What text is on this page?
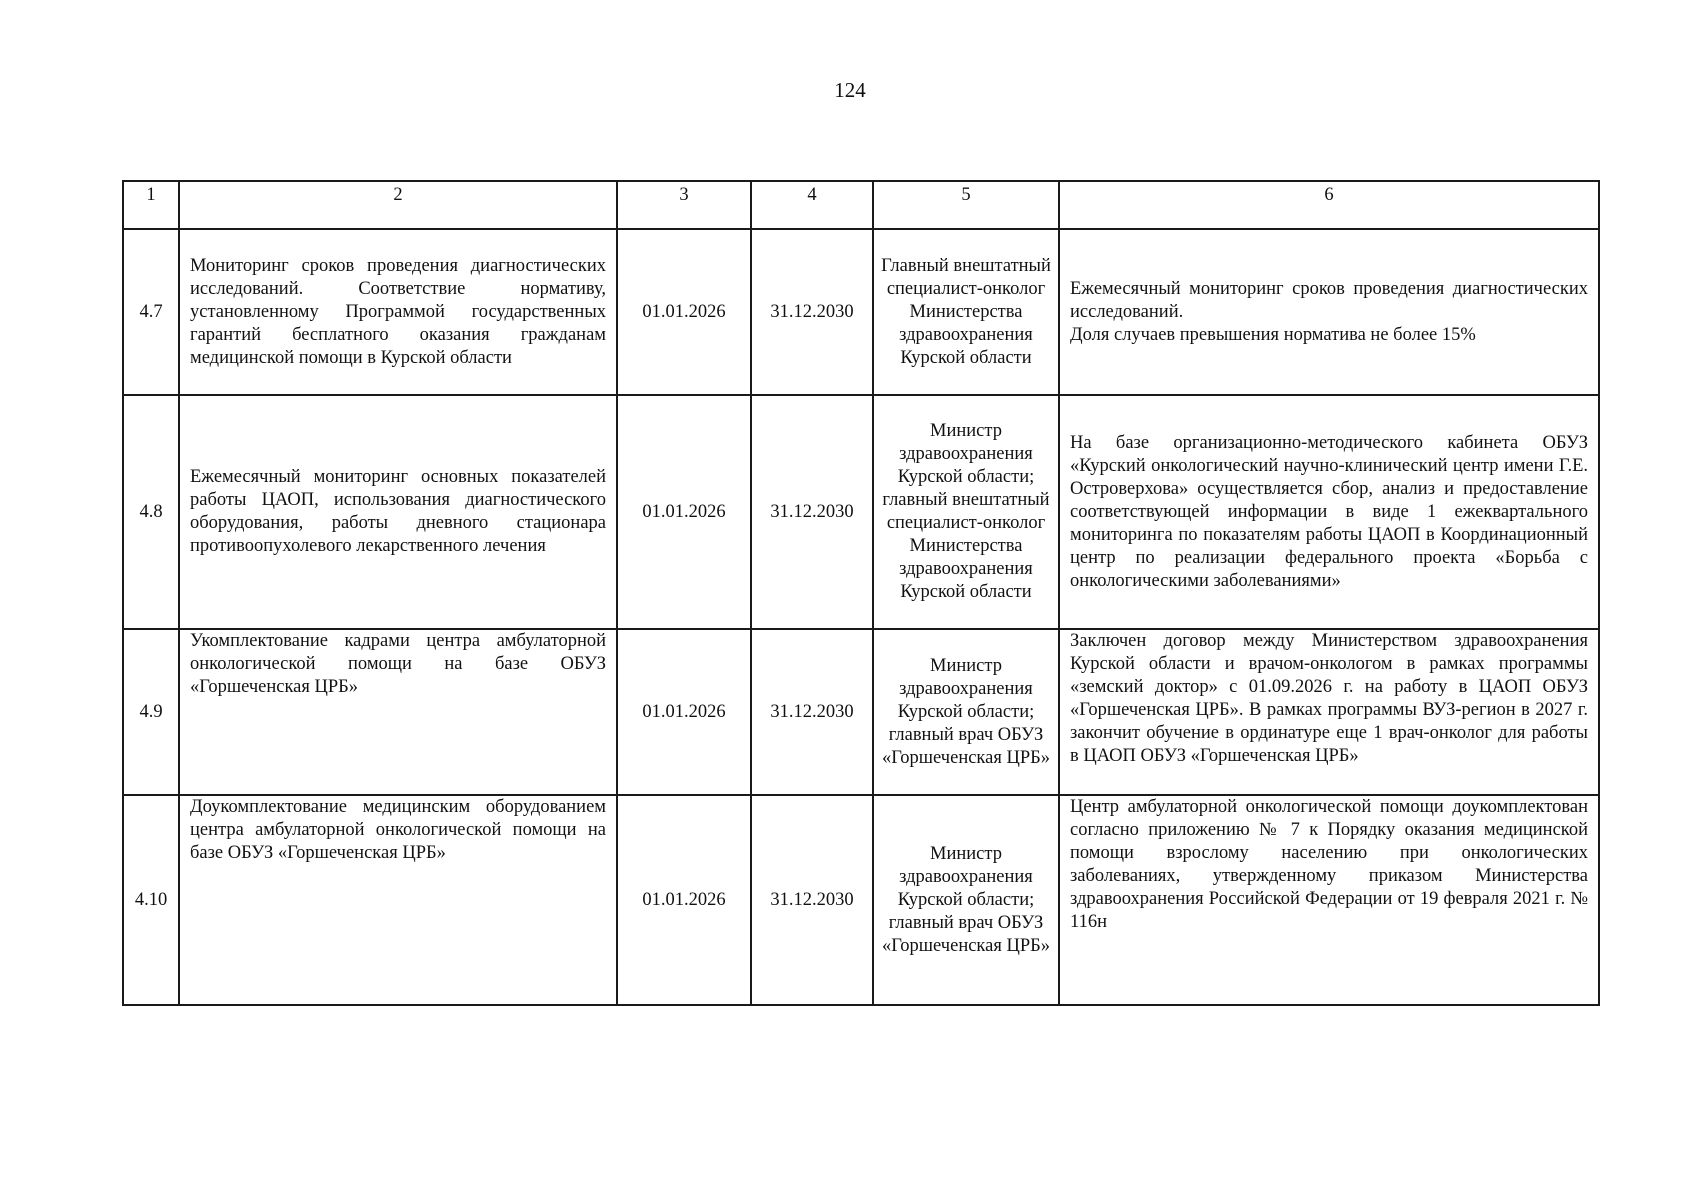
124
1	2	3	4	5	6
4.7	Мониторинг сроков проведения диагностических исследований. Соответствие нормативу, установленному Программой государственных гарантий бесплатного оказания гражданам медицинской помощи в Курской области	01.01.2026	31.12.2030	Главный внештатный специалист-онколог Министерства здравоохранения Курской области	Ежемесячный мониторинг сроков проведения диагностических исследований.
Доля случаев превышения норматива не более 15%

4.8	Ежемесячный мониторинг основных показателей работы ЦАОП, использования диагностического оборудования, работы дневного стационара противоопухолевого лекарственного лечения	01.01.2026	31.12.2030	Министр здравоохранения Курской области; главный внештатный специалист-онколог Министерства здравоохранения Курской области	На базе организационно-методического кабинета ОБУЗ «Курский онкологический научно-клинический центр имени Г.Е. Островерхова» осуществляется сбор, анализ и предоставление соответствующей информации в виде 1 ежеквартального мониторинга по показателям работы ЦАОП в Координационный центр по реализации федерального проекта «Борьба с онкологическими заболеваниями»
4.9	Укомплектование кадрами центра амбулаторной онкологической помощи на базе ОБУЗ «Горшеченская ЦРБ»	01.01.2026	31.12.2030	Министр здравоохранения Курской области; главный врач ОБУЗ «Горшеченская ЦРБ»	Заключен договор между Министерством здравоохранения Курской области и врачом-онкологом в рамках программы «земский доктор» с 01.09.2026 г. на работу в ЦАОП ОБУЗ «Горшеченская ЦРБ». В рамках программы ВУЗ-регион в 2027 г. закончит обучение в ординатуре еще 1 врач-онколог для работы в ЦАОП ОБУЗ «Горшеченская ЦРБ»
4.10	Доукомплектование медицинским оборудованием центра амбулаторной онкологической помощи на базе ОБУЗ «Горшеченская ЦРБ»	01.01.2026	31.12.2030	Министр здравоохранения Курской области; главный врач ОБУЗ «Горшеченская ЦРБ»	Центр амбулаторной онкологической помощи доукомплектован согласно приложению № 7 к Порядку оказания медицинской помощи взрослому населению при онкологических заболеваниях, утвержденному приказом Министерства здравоохранения Российской Федерации от 19 февраля 2021 г. № 116н
